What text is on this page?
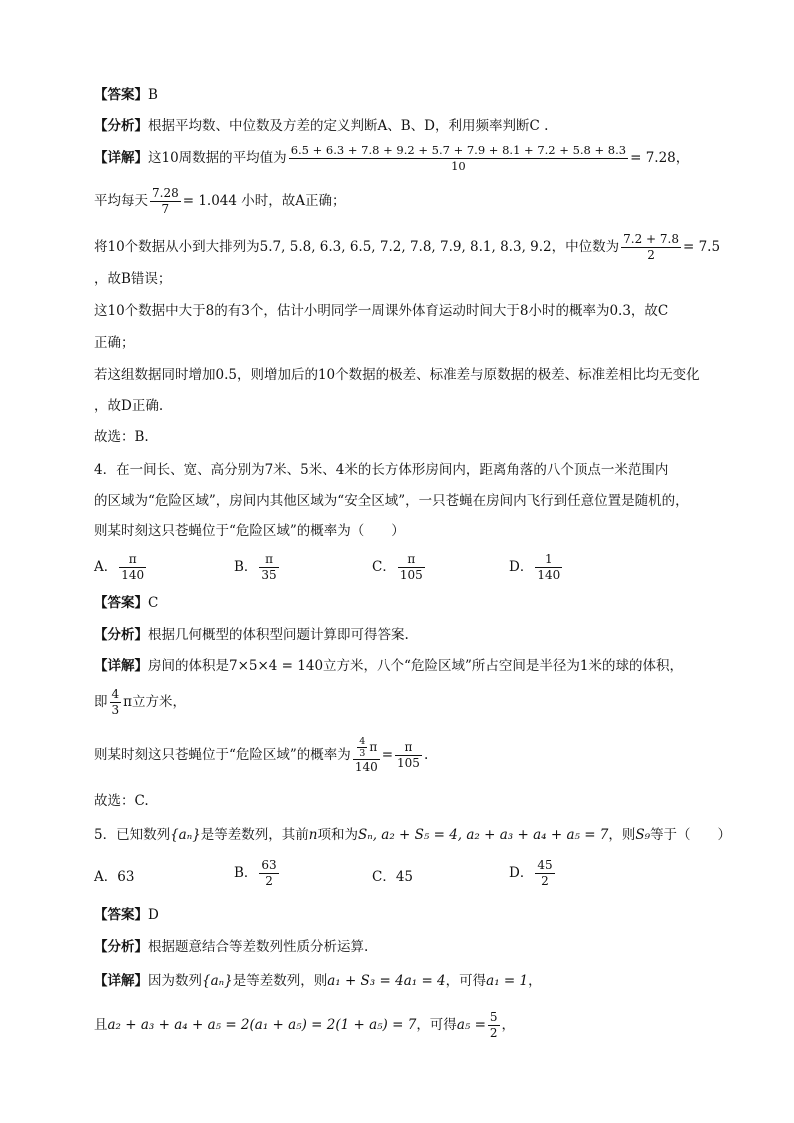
【答案】B
【分析】根据平均数、中位数及方差的定义判断A、B、D，利用频率判断C .
【详解】这10周数据的平均值为 $\frac{6.5 + 6.3 + 7.8 + 9.2 + 5.7 + 7.9 + 8.1 + 7.2 + 5.8 + 8.3}{10} = 7.28$，
平均每天 $\frac{7.28}{7} = 1.044$ 小时，故A正确；
将10个数据从小到大排列为5.7, 5.8, 6.3, 6.5, 7.2, 7.8, 7.9, 8.1, 8.3, 9.2，中位数为 $\frac{7.2 + 7.8}{2} = 7.5$
，故B错误；
这10个数据中大于8的有3个，估计小明同学一周课外体育运动时间大于8小时的概率为0.3，故C
正确；
若这组数据同时增加0.5，则增加后的10个数据的极差、标准差与原数据的极差、标准差相比均无变化
，故D正确.
故选：B.
4．在一间长、宽、高分别为7米、5米、4米的长方体形房间内，距离角落的八个顶点一米范围内
的区域为“危险区域”，房间内其他区域为“安全区域”，一只苍蝇在房间内飞行到任意位置是随机的，
则某时刻这只苍蝇位于“危险区域”的概率为（　　）
A． $\frac{\pi}{140}$	B． $\frac{\pi}{35}$	C． $\frac{\pi}{105}$	D． $\frac{1}{140}$
【答案】C
【分析】根据几何概型的体积型问题计算即可得答案.
【详解】房间的体积是7×5×4 = 140立方米，八个“危险区域”所占空间是半径为1米的球的体积，
即 $\frac{4}{3}$ π立方米，
则某时刻这只苍蝇位于“危险区域”的概率为 $\frac{\frac{4}{3} \pi}{140} = \frac{\pi}{105}$ .
故选：C.
5．已知数列{aₙ}是等差数列，其前n项和为Sₙ, a₂ + S₅ = 4, a₂ + a₃ + a₄ + a₅ = 7，则S₉等于（　　）
A．63	B． $\frac{63}{2}$	C．45	D． $\frac{45}{2}$
【答案】D
【分析】根据题意结合等差数列性质分析运算.
【详解】因为数列{aₙ}是等差数列，则a₁ + S₃ = 4a₁ = 4，可得a₁ = 1，
且a₂ + a₃ + a₄ + a₅ = 2(a₁ + a₅) = 2(1 + a₅) = 7，可得$a_5 = \frac{5}{2}$ ，
